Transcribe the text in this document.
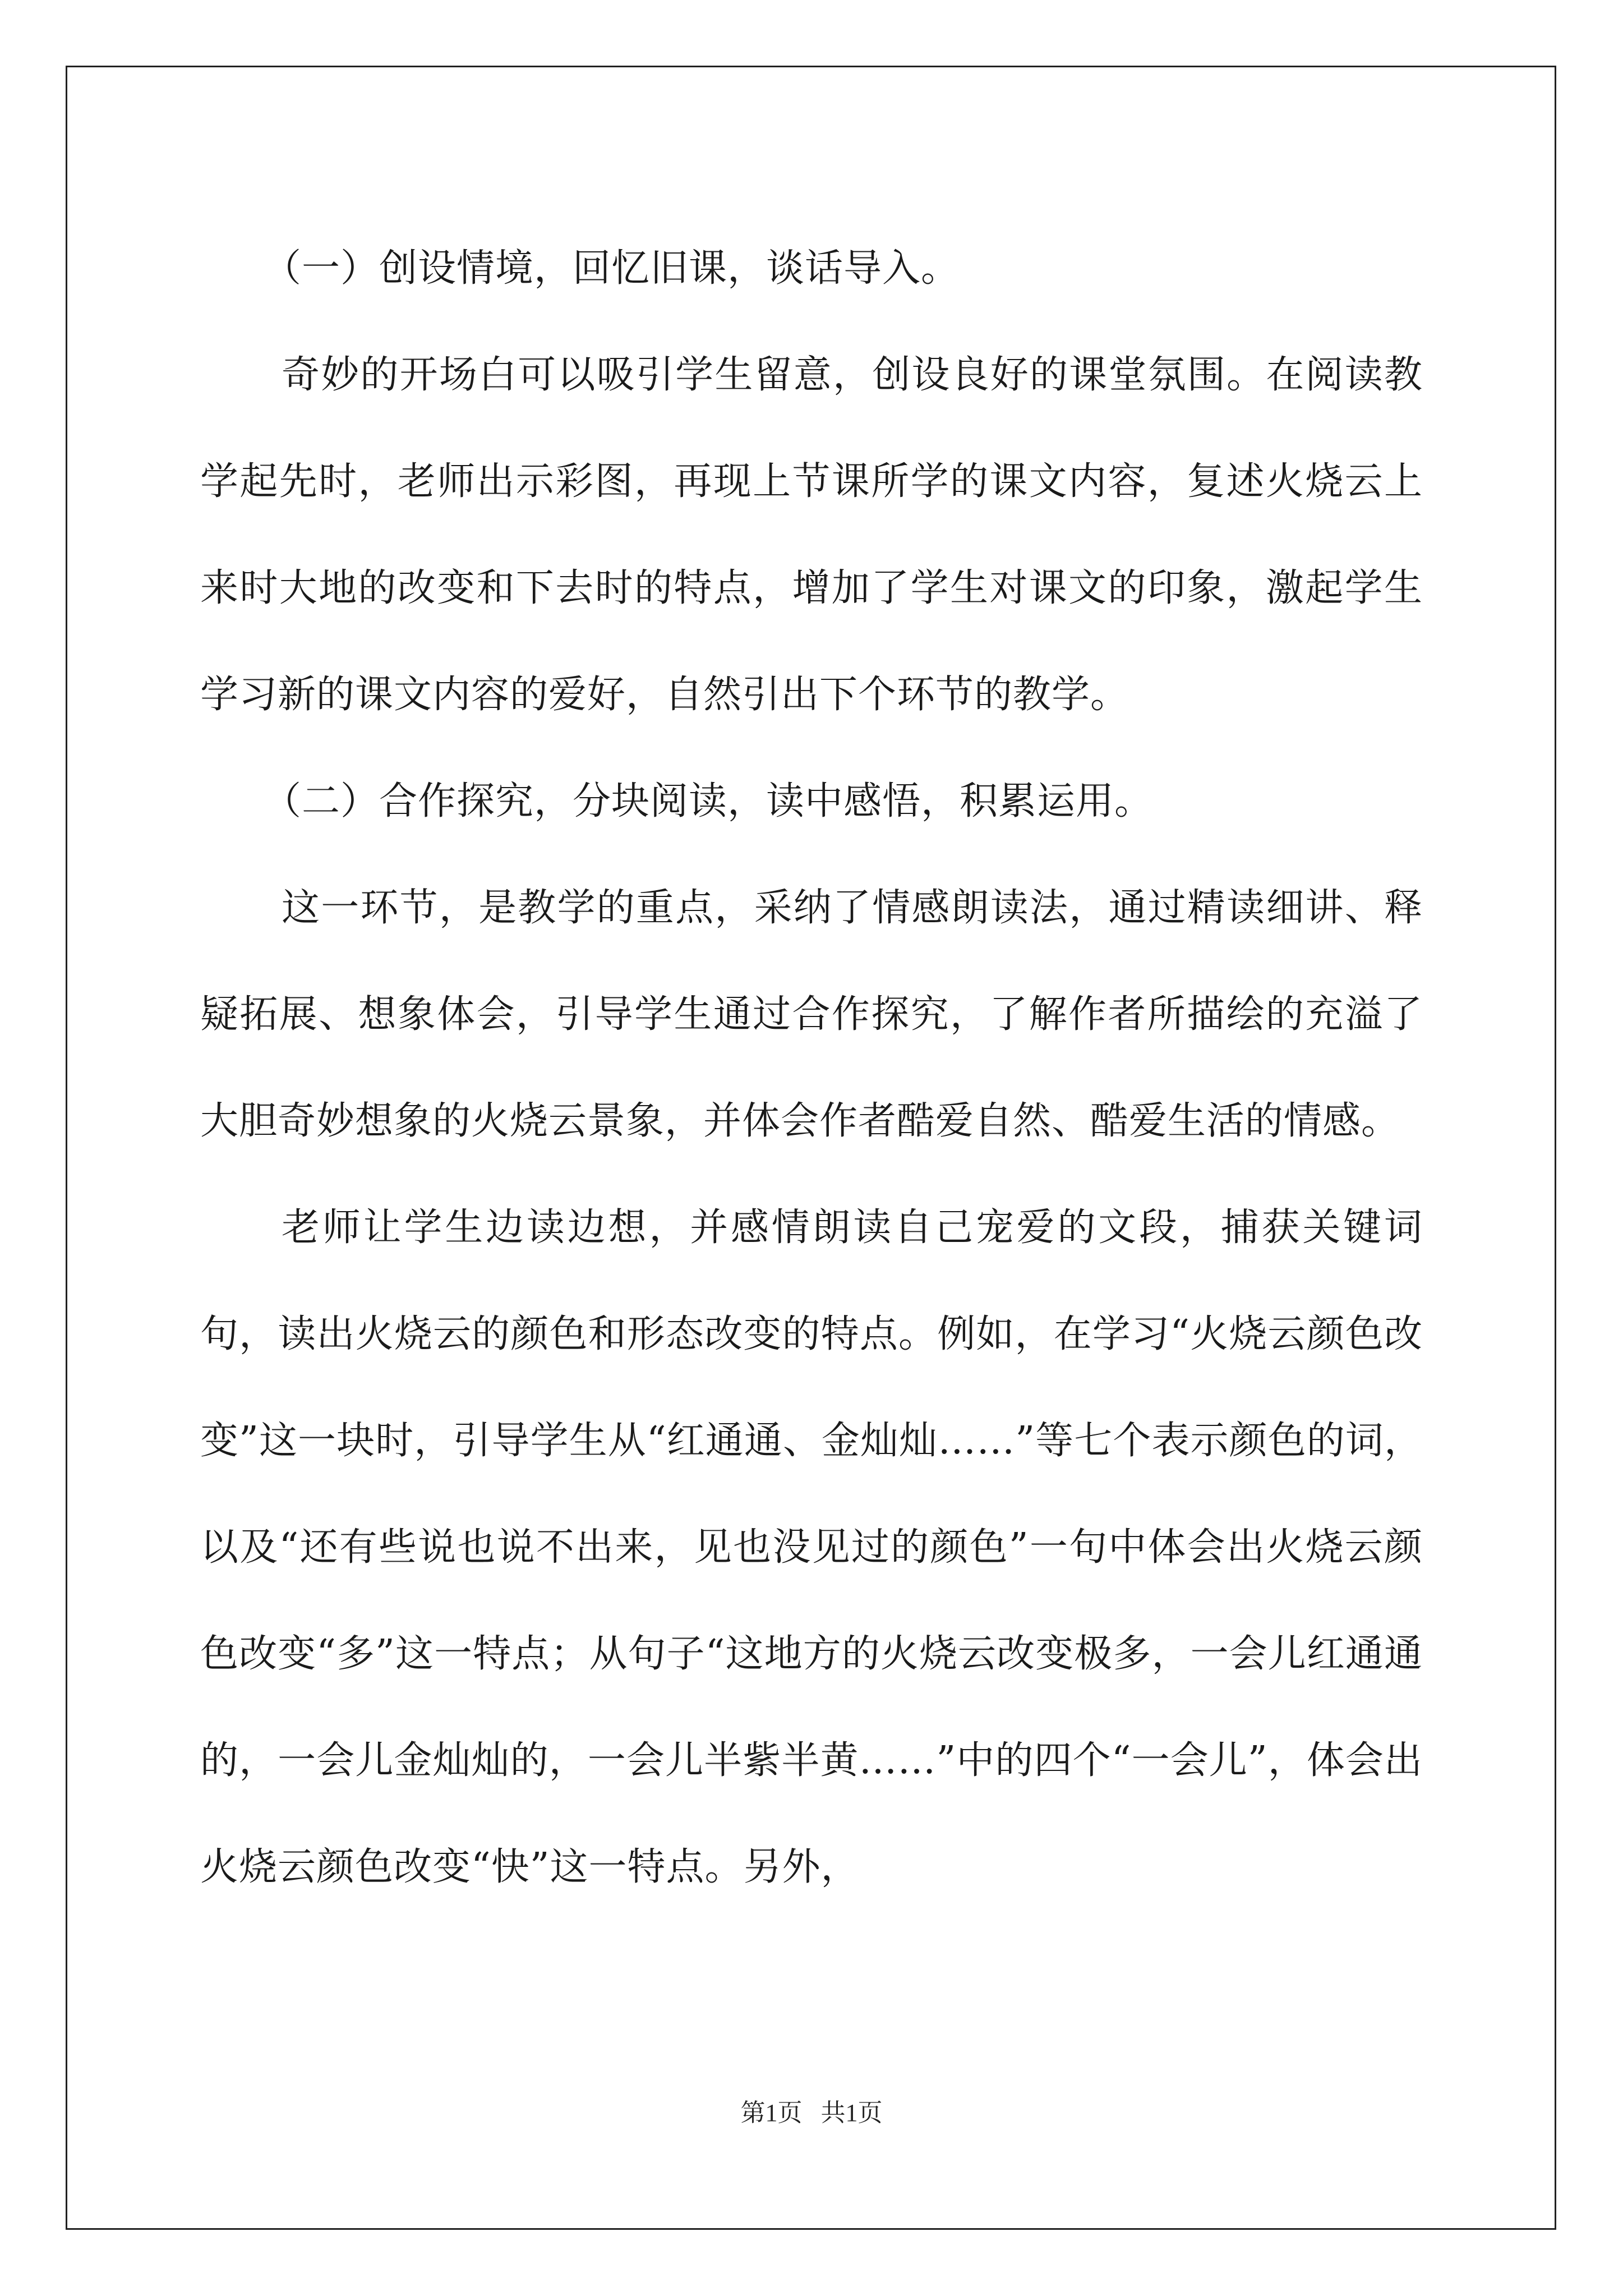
（一）创设情境，回忆旧课，谈话导入。

奇妙的开场白可以吸引学生留意，创设良好的课堂氛围。在阅读教学起先时，老师出示彩图，再现上节课所学的课文内容，复述火烧云上来时大地的改变和下去时的特点，增加了学生对课文的印象，激起学生学习新的课文内容的爱好，自然引出下个环节的教学。

（二）合作探究，分块阅读，读中感悟，积累运用。

这一环节，是教学的重点，采纳了情感朗读法，通过精读细讲、释疑拓展、想象体会，引导学生通过合作探究，了解作者所描绘的充溢了大胆奇妙想象的火烧云景象，并体会作者酷爱自然、酷爱生活的情感。

老师让学生边读边想，并感情朗读自己宠爱的文段，捕获关键词句，读出火烧云的颜色和形态改变的特点。例如，在学习“火烧云颜色改变”这一块时，引导学生从“红通通、金灿灿……”等七个表示颜色的词，以及“还有些说也说不出来，见也没见过的颜色”一句中体会出火烧云颜色改变“多”这一特点；从句子“这地方的火烧云改变极多，一会儿红通通的，一会儿金灿灿的，一会儿半紫半黄……”中的四个“一会儿”，体会出火烧云颜色改变“快”这一特点。另外，

第1页 共1页
